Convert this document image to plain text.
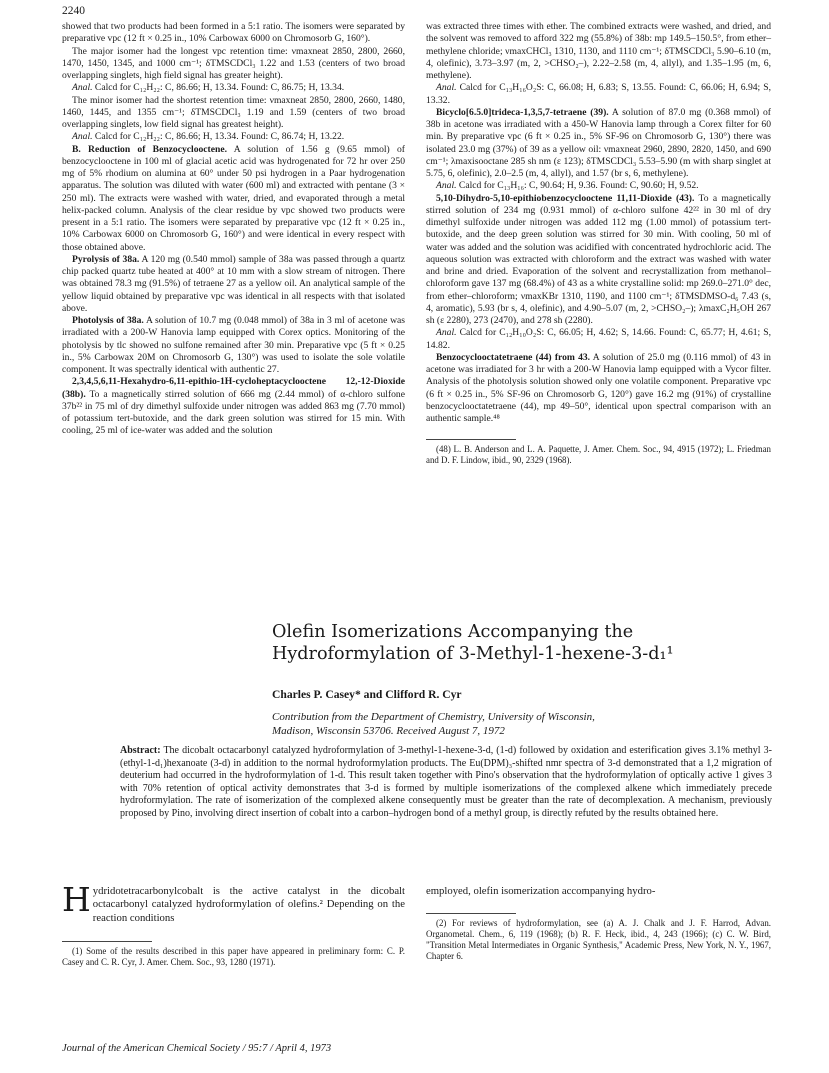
2240

showed that two products had been formed in a 5:1 ratio. The isomers were separated by preparative vpc (12 ft × 0.25 in., 10% Carbowax 6000 on Chromosorb G, 160°).

The major isomer had the longest vpc retention time: νmaxneat 2850, 2800, 2660, 1470, 1450, 1345, and 1000 cm⁻¹; δTMSCDCl₃ 1.22 and 1.53 (centers of two broad overlapping singlets, high field signal has greater height).

Anal. Calcd for C₁₂H₂₂: C, 86.66; H, 13.34. Found: C, 86.75; H, 13.34.

The minor isomer had the shortest retention time: νmaxneat 2850, 2800, 2660, 1480, 1460, 1445, and 1355 cm⁻¹; δTMSCDCl₃ 1.19 and 1.59 (centers of two broad overlapping singlets, low field signal has greatest height).

Anal. Calcd for C₁₂H₂₂: C, 86.66; H, 13.34. Found: C, 86.74; H, 13.22.

B. Reduction of Benzocyclooctene. A solution of 1.56 g (9.65 mmol) of benzocyclooctene in 100 ml of glacial acetic acid was hydrogenated for 72 hr over 250 mg of 5% rhodium on alumina at 60° under 50 psi hydrogen in a Paar hydrogenation apparatus. The solution was diluted with water (600 ml) and extracted with pentane (3 × 250 ml). The extracts were washed with water, dried, and evaporated through a metal helix-packed column. Analysis of the clear residue by vpc showed two products were present in a 5:1 ratio. The isomers were separated by preparative vpc (12 ft × 0.25 in., 10% Carbowax 6000 on Chromosorb G, 160°) and were identical in every respect with those obtained above.

Pyrolysis of 38a. A 120 mg (0.540 mmol) sample of 38a was passed through a quartz chip packed quartz tube heated at 400° at 10 mm with a slow stream of nitrogen. There was obtained 78.3 mg (91.5%) of tetraene 27 as a yellow oil. An analytical sample of the yellow liquid obtained by preparative vpc was identical in all respects with that isolated above.

Photolysis of 38a. A solution of 10.7 mg (0.048 mmol) of 38a in 3 ml of acetone was irradiated with a 200-W Hanovia lamp equipped with Corex optics. Monitoring of the photolysis by tlc showed no sulfone remained after 30 min. Preparative vpc (5 ft × 0.25 in., 5% Carbowax 20M on Chromosorb G, 130°) was used to isolate the sole volatile component. It was spectrally identical with authentic 27.

2,3,4,5,6,11-Hexahydro-6,11-epithio-1H-cycloheptacyclooctene 12,-12-Dioxide (38b). To a magnetically stirred solution of 666 mg (2.44 mmol) of α-chloro sulfone 37b²² in 75 ml of dry dimethyl sulfoxide under nitrogen was added 863 mg (7.70 mmol) of potassium tert-butoxide, and the dark green solution was stirred for 15 min. With cooling, 25 ml of ice-water was added and the solution

was extracted three times with ether. The combined extracts were washed, and dried, and the solvent was removed to afford 322 mg (55.8%) of 38b: mp 149.5–150.5°, from ether–methylene chloride; νmaxCHCl₃ 1310, 1130, and 1110 cm⁻¹; δTMSCDCl₃ 5.90–6.10 (m, 4, olefinic), 3.73–3.97 (m, 2, >CHSO₂–), 2.22–2.58 (m, 4, allyl), and 1.35–1.95 (m, 6, methylene).

Anal. Calcd for C₁₃H₁₆O₂S: C, 66.08; H, 6.83; S, 13.55. Found: C, 66.06; H, 6.94; S, 13.32.

Bicyclo[6.5.0]trideca-1,3,5,7-tetraene (39). A solution of 87.0 mg (0.368 mmol) of 38b in acetone was irradiated with a 450-W Hanovia lamp through a Corex filter for 60 min. By preparative vpc (6 ft × 0.25 in., 5% SF-96 on Chromosorb G, 130°) there was isolated 23.0 mg (37%) of 39 as a yellow oil: νmaxneat 2960, 2890, 2820, 1450, and 690 cm⁻¹; λmaxisooctane 285 sh nm (ε 123); δTMSCDCl₃ 5.53–5.90 (m with sharp singlet at 5.75, 6, olefinic), 2.0–2.5 (m, 4, allyl), and 1.57 (br s, 6, methylene).

Anal. Calcd for C₁₃H₁₆: C, 90.64; H, 9.36. Found: C, 90.60; H, 9.52.

5,10-Dihydro-5,10-epithiobenzocyclooctene 11,11-Dioxide (43). To a magnetically stirred solution of 234 mg (0.931 mmol) of α-chloro sulfone 42²² in 30 ml of dry dimethyl sulfoxide under nitrogen was added 112 mg (1.00 mmol) of potassium tert-butoxide, and the deep green solution was stirred for 30 min. With cooling, 50 ml of water was added and the solution was acidified with concentrated hydrochloric acid. The aqueous solution was extracted with chloroform and the extract was washed with water and brine and dried. Evaporation of the solvent and recrystallization from methanol–chloroform gave 137 mg (68.4%) of 43 as a white crystalline solid: mp 269.0–271.0° dec, from ether–chloroform; νmaxKBr 1310, 1190, and 1100 cm⁻¹; δTMSDMSO-d₆ 7.43 (s, 4, aromatic), 5.93 (br s, 4, olefinic), and 4.90–5.07 (m, 2, >CHSO₂–); λmaxC₂H₅OH 267 sh (ε 2280), 273 (2470), and 278 sh (2280).

Anal. Calcd for C₁₂H₁₀O₂S: C, 66.05; H, 4.62; S, 14.66. Found: C, 65.77; H, 4.61; S, 14.82.

Benzocyclooctatetraene (44) from 43. A solution of 25.0 mg (0.116 mmol) of 43 in acetone was irradiated for 3 hr with a 200-W Hanovia lamp equipped with a Vycor filter. Analysis of the photolysis solution showed only one volatile component. Preparative vpc (6 ft × 0.25 in., 5% SF-96 on Chromosorb G, 120°) gave 16.2 mg (91%) of crystalline benzocyclooctatetraene (44), mp 49–50°, identical upon spectral comparison with an authentic sample.⁴⁸

(48) L. B. Anderson and L. A. Paquette, J. Amer. Chem. Soc., 94, 4915 (1972); L. Friedman and D. F. Lindow, ibid., 90, 2329 (1968).
Olefin Isomerizations Accompanying the
Hydroformylation of 3-Methyl-1-hexene-3-d₁¹
Charles P. Casey* and Clifford R. Cyr
Contribution from the Department of Chemistry, University of Wisconsin,
Madison, Wisconsin 53706. Received August 7, 1972
Abstract: The dicobalt octacarbonyl catalyzed hydroformylation of 3-methyl-1-hexene-3-d, (1-d) followed by oxidation and esterification gives 3.1% methyl 3-(ethyl-1-d₁)hexanoate (3-d) in addition to the normal hydroformylation products. The Eu(DPM)₃-shifted nmr spectra of 3-d demonstrated that a 1,2 migration of deuterium had occurred in the hydroformylation of 1-d. This result taken together with Pino's observation that the hydroformylation of optically active 1 gives 3 with 70% retention of optical activity demonstrates that 3-d is formed by multiple isomerizations of the complexed alkene which immediately precede hydroformylation. The rate of isomerization of the complexed alkene consequently must be greater than the rate of decomplexation. A mechanism, previously proposed by Pino, involving direct insertion of cobalt into a carbon–hydrogen bond of a methyl group, is directly refuted by the results obtained here.
Hydridotetracarbonylcobalt is the active catalyst in the dicobalt octacarbonyl catalyzed hydroformylation of olefins.² Depending on the reaction conditions
(1) Some of the results described in this paper have appeared in preliminary form: C. P. Casey and C. R. Cyr, J. Amer. Chem. Soc., 93, 1280 (1971).
employed, olefin isomerization accompanying hydro-
(2) For reviews of hydroformylation, see (a) A. J. Chalk and J. F. Harrod, Advan. Organometal. Chem., 6, 119 (1968); (b) R. F. Heck, ibid., 4, 243 (1966); (c) C. W. Bird, "Transition Metal Intermediates in Organic Synthesis," Academic Press, New York, N. Y., 1967, Chapter 6.
Journal of the American Chemical Society / 95:7 / April 4, 1973
